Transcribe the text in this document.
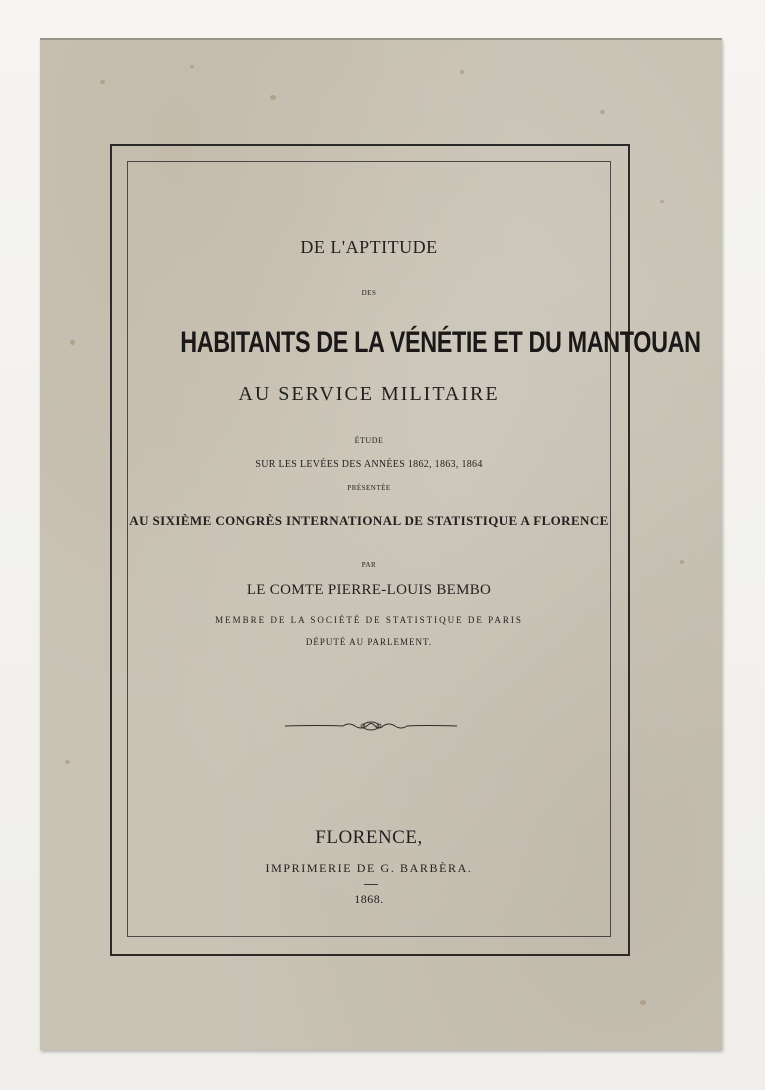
DE L'APTITUDE
DES
HABITANTS DE LA VÉNÉTIE ET DU MANTOUAN
AU SERVICE MILITAIRE
ÉTUDE
SUR LES LEVÉES DES ANNÉES 1862, 1863, 1864
PRÉSENTÉE
AU SIXIÈME CONGRÈS INTERNATIONAL DE STATISTIQUE A FLORENCE
PAR
LE COMTE PIERRE-LOUIS BEMBO
MEMBRE DE LA SOCIÉTÉ DE STATISTIQUE DE PARIS
DÉPUTÉ AU PARLEMENT.
FLORENCE,
IMPRIMERIE DE G. BARBÈRA.
1868.
